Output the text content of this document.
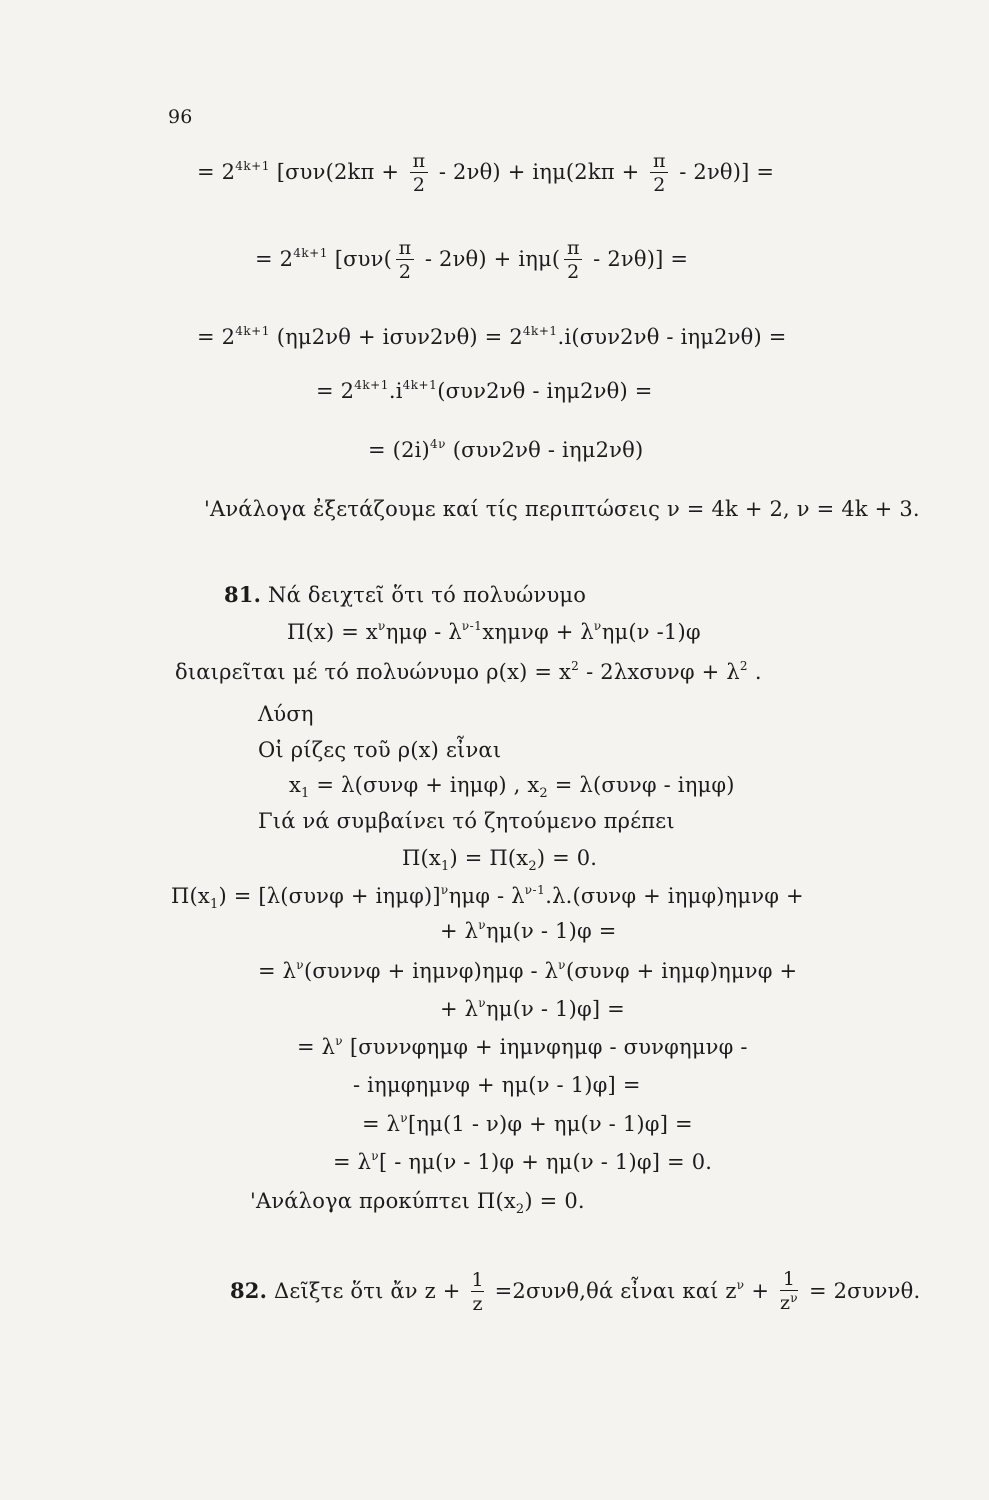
96
= $2^{4k+1}$ $[\sigma\upsilon\nu(2k\pi + \frac{\pi}{2} - 2\nu\theta) + i\eta\mu(2k\pi + \frac{\pi}{2} - 2\nu\theta)]$ =
= $2^{4k+1}$ $[\sigma\upsilon\nu( \frac{\pi}{2} - 2\nu\theta) + i\eta\mu( \frac{\pi}{2} - 2\nu\theta)]$ =
= $2^{4k+1}$ $(\eta\mu 2\nu\theta + i\sigma\upsilon\nu 2\nu\theta) = 2^{4k+1}.i(\sigma\upsilon\nu 2\nu\theta - i\eta\mu 2\nu\theta)$ =
= $2^{4k+1}.i^{4k+1}(\sigma\upsilon\nu 2\nu\theta - i\eta\mu 2\nu\theta)$ =
= $(2i)^{4\nu}$ (συν2νθ - iημ2νθ)
'Ανάλογα ἐξετάζουμε καί τίς περιπτώσεις ν = 4k + 2, ν = 4k + 3.
81. Νά δειχτεῖ ὅτι τό πολυώνυμο
$\Pi(x) = x^\nu\eta\mu\varphi - \lambda^{\nu-1}x\eta\mu\nu\varphi + \lambda^\nu\eta\mu(\nu$ -1)φ
διαιρεῖται μέ τό πολυώνυμο $\rho(x) = x^2 - 2\lambda x\sigma\upsilon\nu\varphi + \lambda^2$ .
Λύση
Οἱ ρίζες τοῦ ρ(x) εἶναι
$x_1 = \lambda(\sigma\upsilon\nu\varphi + i\eta\mu\varphi)$ , $x_2 = \lambda(\sigma\upsilon\nu\varphi - i\eta\mu\varphi)$
Γιά νά συμβαίνει τό ζητούμενο πρέπει
$\Pi(x_1) = \Pi(x_2) = 0$.
$\Pi(x_1) = [\lambda(\sigma\upsilon\nu\varphi + i\eta\mu\varphi)]^\nu\eta\mu\varphi - \lambda^{\nu-1}.\lambda.(\sigma\upsilon\nu\varphi + i\eta\mu\varphi)\eta\mu\nu\varphi$ +
+ $\lambda^\nu\eta\mu(\nu - 1)\varphi$ =
= $\lambda^\nu(\sigma\upsilon\nu\nu\varphi + i\eta\mu\nu\varphi)\eta\mu\varphi - \lambda^\nu(\sigma\upsilon\nu\varphi + i\eta\mu\varphi)\eta\mu\nu\varphi$ +
+ $\lambda^\nu\eta\mu(\nu - 1)\varphi$] =
= $\lambda^\nu$ [συννφημφ + iημνφημφ - συνφημνφ -
- iημφημνφ + ημ(ν - 1)φ] =
= $\lambda^\nu[\eta\mu(1 - \nu)\varphi + \eta\mu(\nu - 1)\varphi]$ =
= $\lambda^\nu[ - \eta\mu(\nu - 1)\varphi + \eta\mu(\nu - 1)\varphi] = 0$.
'Ανάλογα προκύπτει $\Pi(x_2) = 0$.
82. Δεῖξτε ὅτι ἄν $z + \frac{1}{z} =2\sigma\upsilon\nu\theta,\theta ά$ εἶναι καί $z^\nu + \frac{1}{z^\nu} = 2\sigma\upsilon\nu\nu\theta$.
